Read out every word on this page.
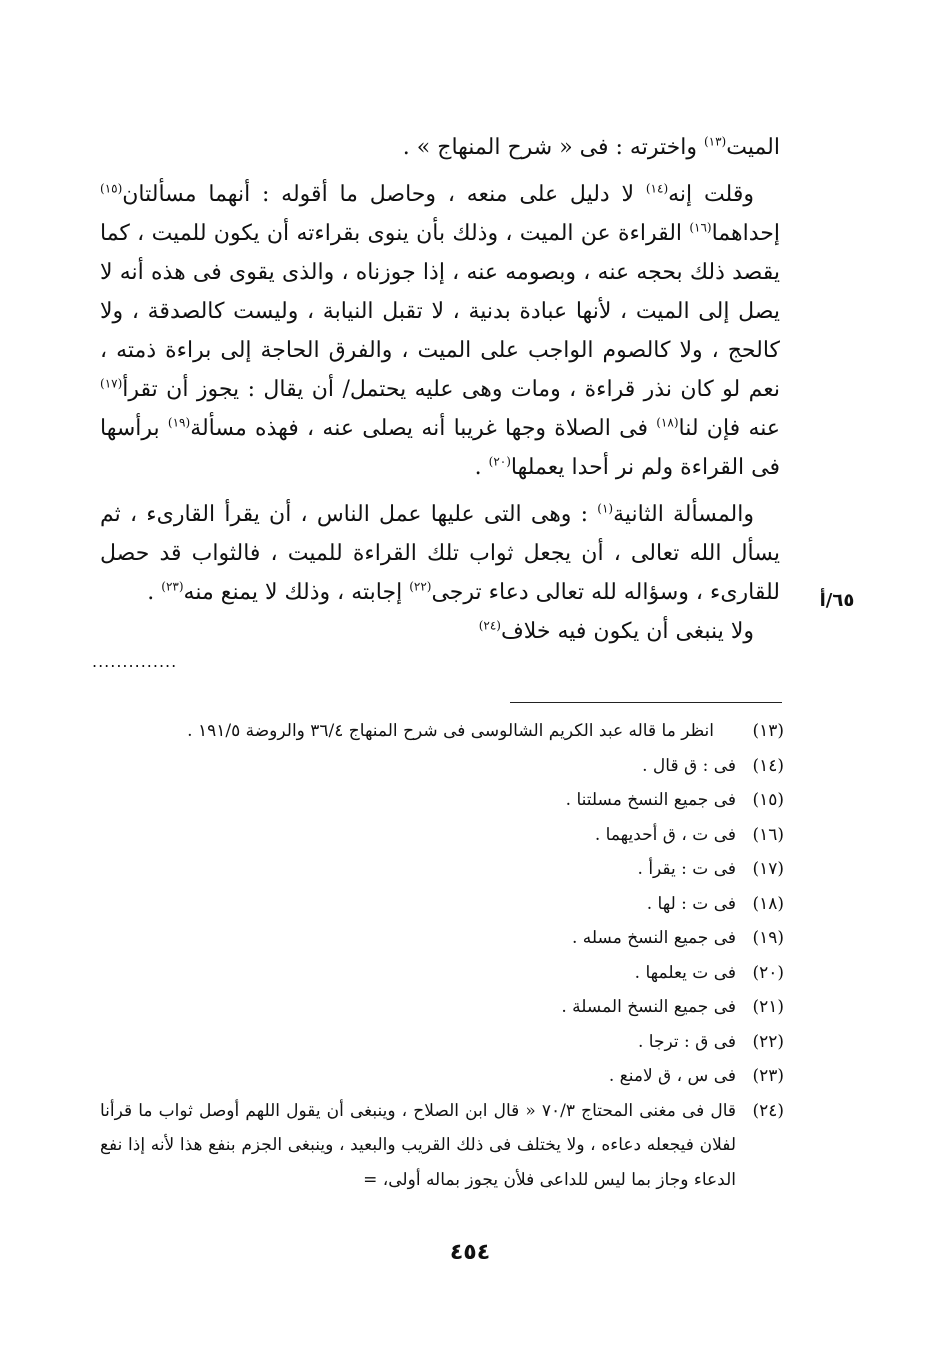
الميت$^{(١٣)}$ واخترته : فى « شرح المنهاج » .

وقلت إنه$^{(١٤)}$ لا دليل على منعه ، وحاصل ما أقوله : أنهما مسألتان$^{(١٥)}$ إحداهما$^{(١٦)}$ القراءة عن الميت ، وذلك بأن ينوى بقراءته أن يكون للميت ، كما يقصد ذلك بحجه عنه ، وبصومه عنه ، إذا جوزناه ، والذى يقوى فى هذه أنه لا يصل إلى الميت ، لأنها عبادة بدنية ، لا تقبل النيابة ، وليست كالصدقة ، ولا كالحج ، ولا كالصوم الواجب على الميت ، والفرق الحاجة إلى براءة ذمته ، نعم لو كان نذر قراءة ، ومات وهى عليه يحتمل/ أن يقال : يجوز أن تقرأ$^{(١٧)}$ عنه فإن لنا$^{(١٨)}$ فى الصلاة وجها غريبا أنه يصلى عنه ، فهذه مسألة$^{(١٩)}$ برأسها فى القراءة ولم نر أحدا يعملها$^{(٢٠)}$ .

والمسألة الثانية$^{(١)}$ : وهى التى عليها عمل الناس ، أن يقرأ القارىء ، ثم يسأل الله تعالى ، أن يجعل ثواب تلك القراءة للميت ، فالثواب قد حصل للقارىء ، وسؤاله لله تعالى دعاء ترجى$^{(٢٢)}$ إجابته ، وذلك لا يمنع منه$^{(٢٣)}$ .

ولا ينبغى أن يكون فيه خلاف$^{(٢٤)}$

٦٥/أ
..............
(١٣)
انظر ما قاله عبد الكريم الشالوسى فى شرح المنهاج ٣٦/٤ والروضة ١٩١/٥ .
(١٤)
فى : ق قال .
(١٥)
فى جميع النسخ مسلتنا .
(١٦)
فى ت ، ق أحديهما .
(١٧)
فى ت : يقرأ .
(١٨)
فى ت : لها .
(١٩)
فى جميع النسخ مسله .
(٢٠)
فى ت يعلمها .
(٢١)
فى جميع النسخ المسلة .
(٢٢)
فى ق : ترجا .
(٢٣)
فى س ، ق لامنع .
(٢٤)
قال فى مغنى المحتاج ٧٠/٣ « قال ابن الصلاح ، وينبغى أن يقول اللهم أوصل ثواب ما قرأنا لفلان فيجعله دعاءه ، ولا يختلف فى ذلك القريب والبعيد ، وينبغى الجزم بنفع هذا لأنه إذا نفع الدعاء وجاز بما ليس للداعى فلأن يجوز بماله أولى، =
٤٥٤
